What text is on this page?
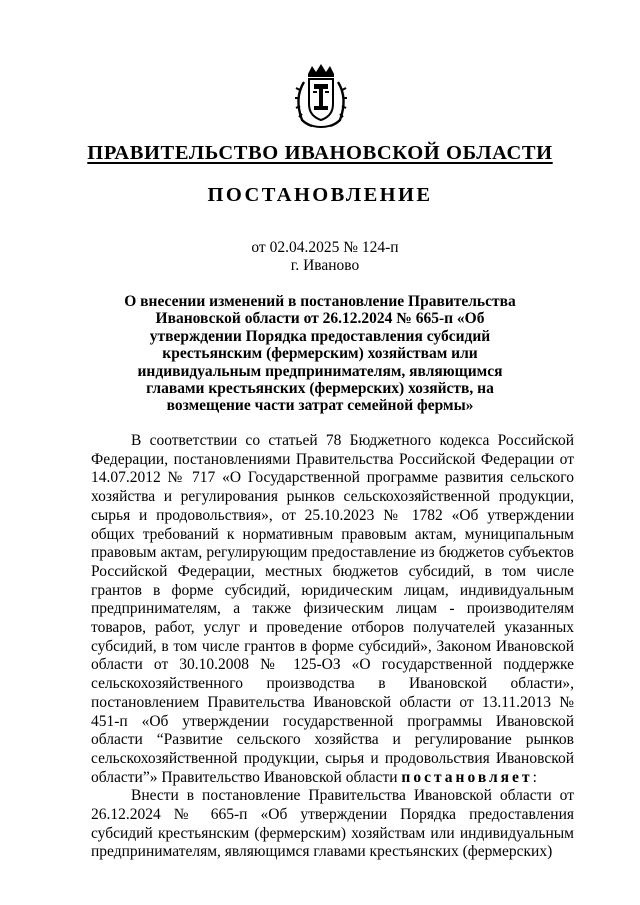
ПРАВИТЕЛЬСТВО ИВАНОВСКОЙ ОБЛАСТИ
ПОСТАНОВЛЕНИЕ
от 02.04.2025 № 124-п
г. Иваново
О внесении изменений в постановление Правительства Ивановской области от 26.12.2024 № 665-п «Об утверждении Порядка предоставления субсидий крестьянским (фермерским) хозяйствам или индивидуальным предпринимателям, являющимся главами крестьянских (фермерских) хозяйств, на возмещение части затрат семейной фермы»

В соответствии со статьей 78 Бюджетного кодекса Российской Федерации, постановлениями Правительства Российской Федерации от 14.07.2012 № 717 «О Государственной программе развития сельского хозяйства и регулирования рынков сельскохозяйственной продукции, сырья и продовольствия», от 25.10.2023 № 1782 «Об утверждении общих требований к нормативным правовым актам, муниципальным правовым актам, регулирующим предоставление из бюджетов субъектов Российской Федерации, местных бюджетов субсидий, в том числе грантов в форме субсидий, юридическим лицам, индивидуальным предпринимателям, а также физическим лицам - производителям товаров, работ, услуг и проведение отборов получателей указанных субсидий, в том числе грантов в форме субсидий», Законом Ивановской области от 30.10.2008 № 125-ОЗ «О государственной поддержке сельскохозяйственного производства в Ивановской области», постановлением Правительства Ивановской области от 13.11.2013 № 451-п «Об утверждении государственной программы Ивановской области “Развитие сельского хозяйства и регулирование рынков сельскохозяйственной продукции, сырья и продовольствия Ивановской области”» Правительство Ивановской области постановляет:

Внести в постановление Правительства Ивановской области от 26.12.2024 № 665-п «Об утверждении Порядка предоставления субсидий крестьянским (фермерским) хозяйствам или индивидуальным предпринимателям, являющимся главами крестьянских (фермерских)
